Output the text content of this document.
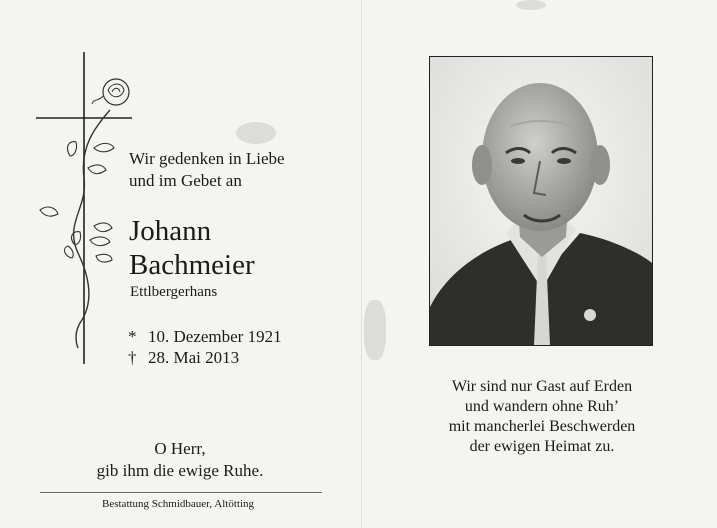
Wir gedenken in Liebe
und im Gebet an
Johann
Bachmeier
Ettlbergerhans
* 10. Dezember 1921
† 28. Mai 2013
O Herr,
gib ihm die ewige Ruhe.
Bestattung Schmidbauer, Altötting
Wir sind nur Gast auf Erden
und wandern ohne Ruh’
mit mancherlei Beschwerden
der ewigen Heimat zu.
